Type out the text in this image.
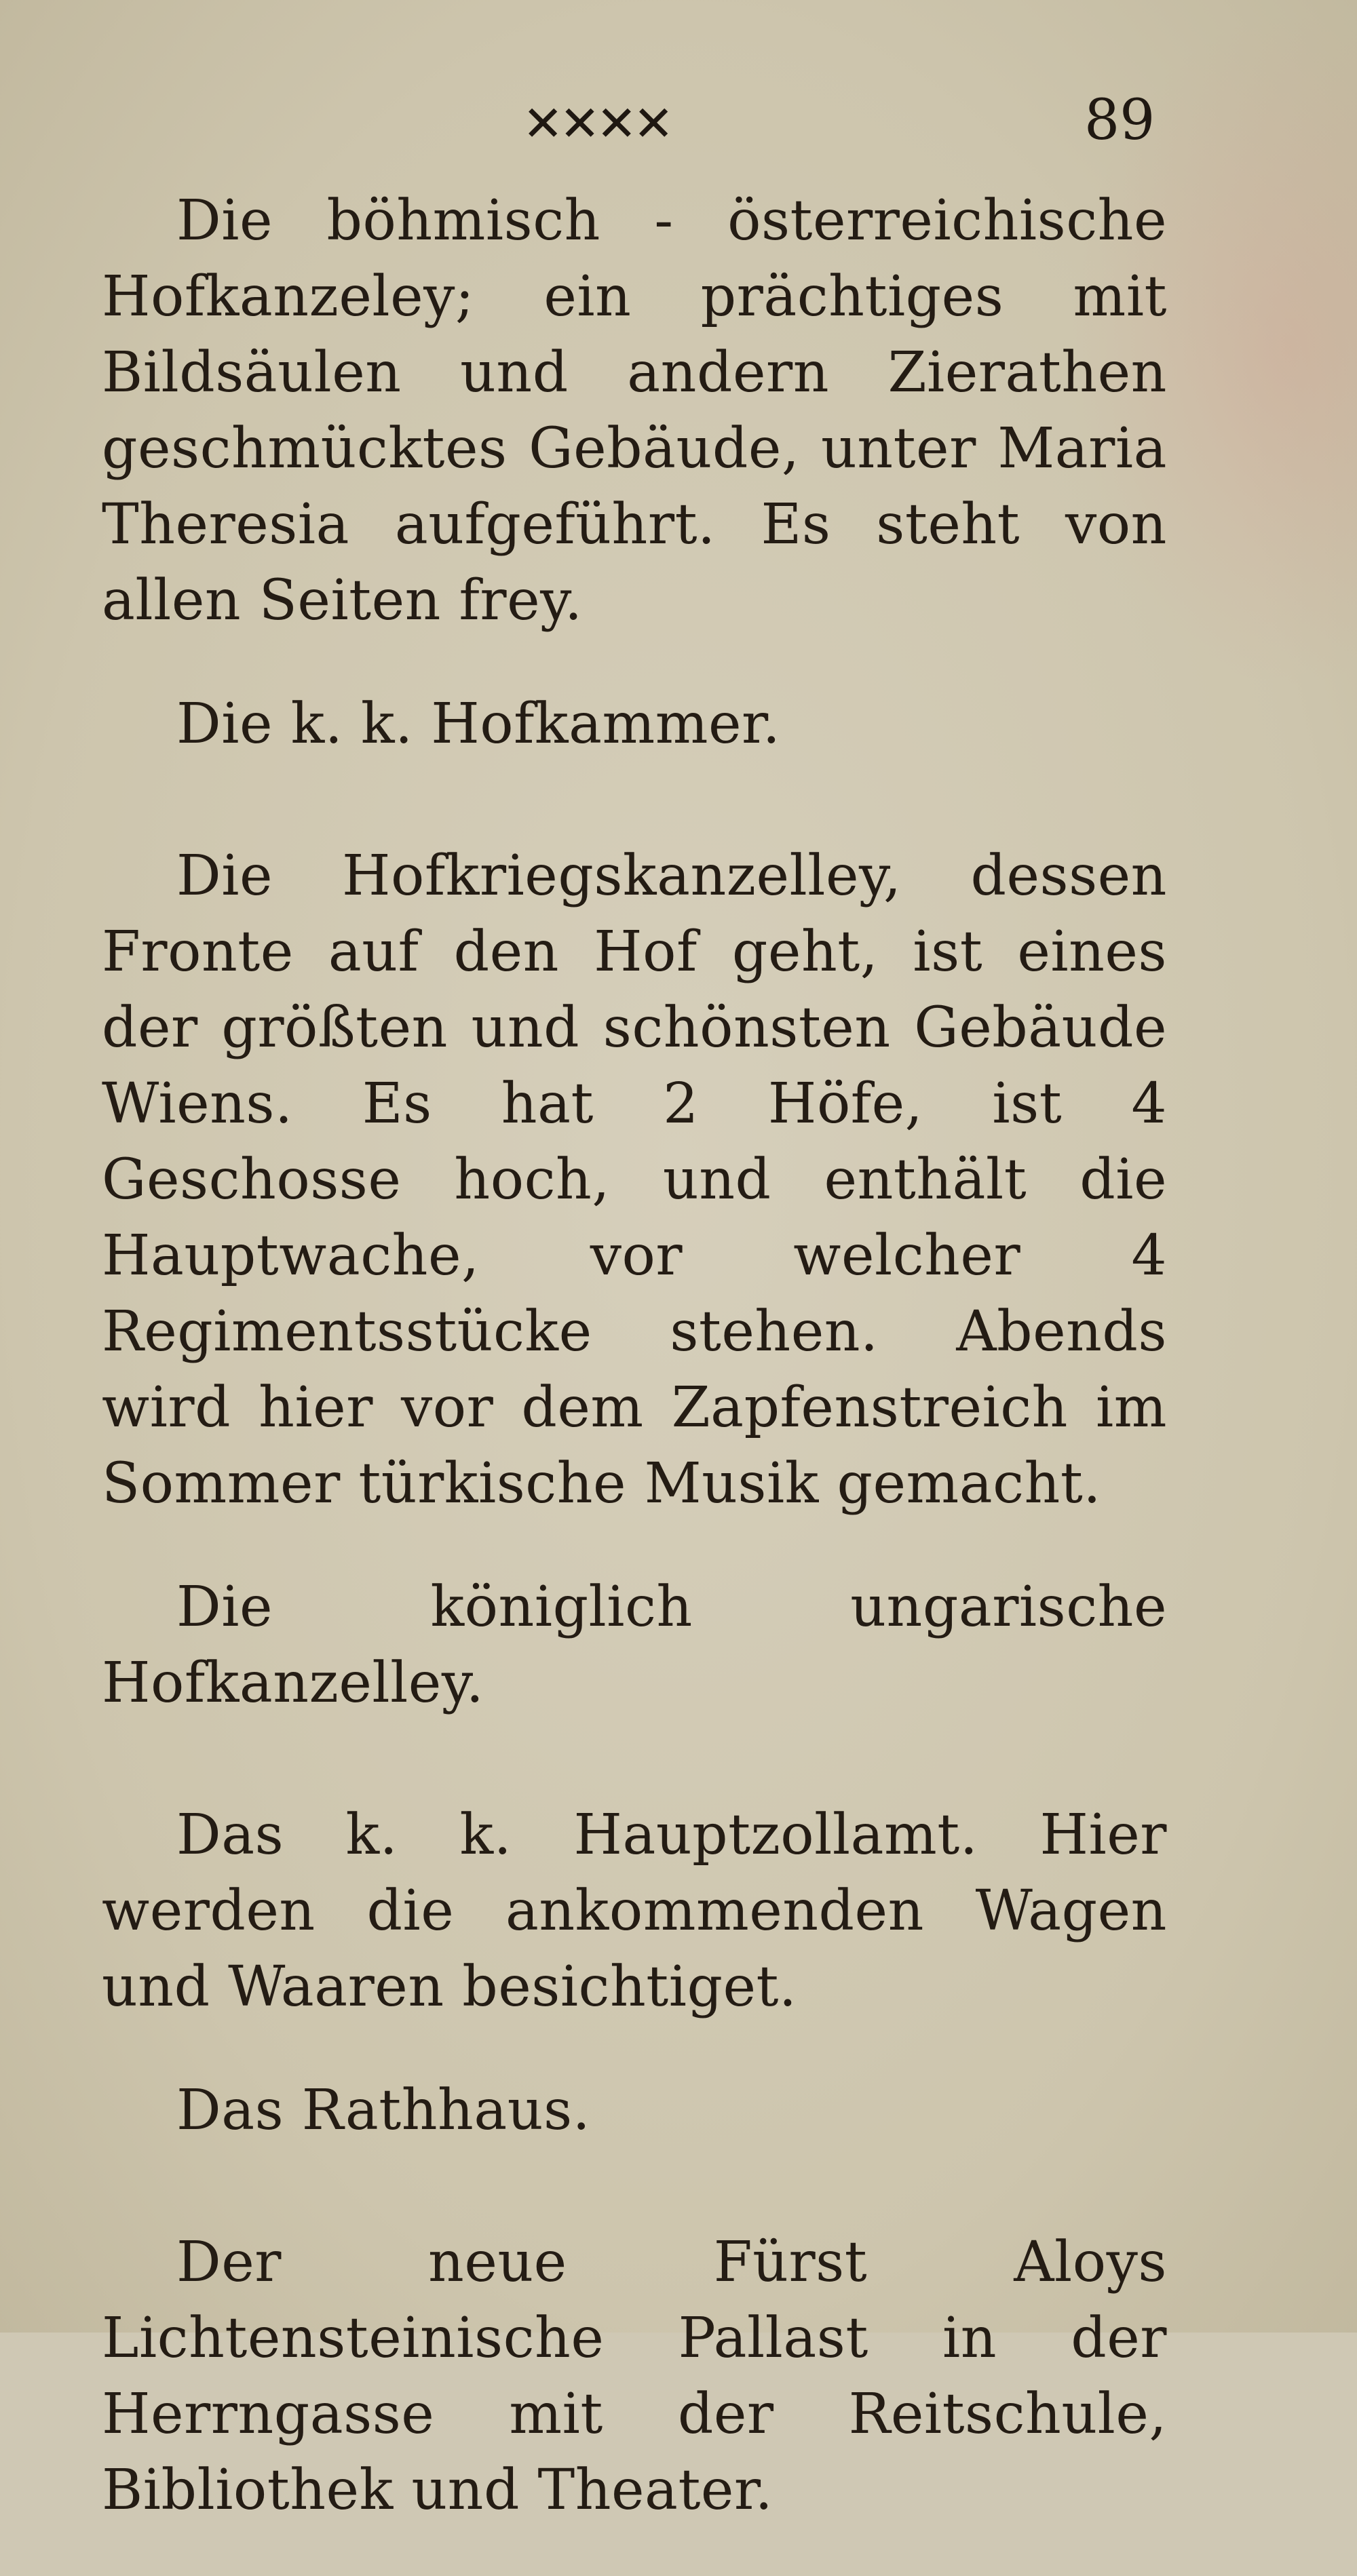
✕✕✕✕	89

Die böhmisch - österreichische Hofkanzeley; ein prächtiges mit Bildsäulen und andern Zierathen geschmücktes Gebäude, unter Maria Theresia aufgeführt. Es steht von allen Seiten frey.

Die k. k. Hofkammer.

Die Hofkriegskanzelley, dessen Fronte auf den Hof geht, ist eines der größten und schönsten Gebäude Wiens. Es hat 2 Höfe, ist 4 Geschosse hoch, und enthält die Hauptwache, vor welcher 4 Regimentsstücke stehen. Abends wird hier vor dem Zapfenstreich im Sommer türkische Musik gemacht.

Die königlich ungarische Hofkanzelley.

Das k. k. Hauptzollamt. Hier werden die ankommenden Wagen und Waaren besichtiget.

Das Rathhaus.

Der neue Fürst Aloys Lichtensteinische Pallast in der Herrngasse mit der Reitschule, Bibliothek und Theater.
